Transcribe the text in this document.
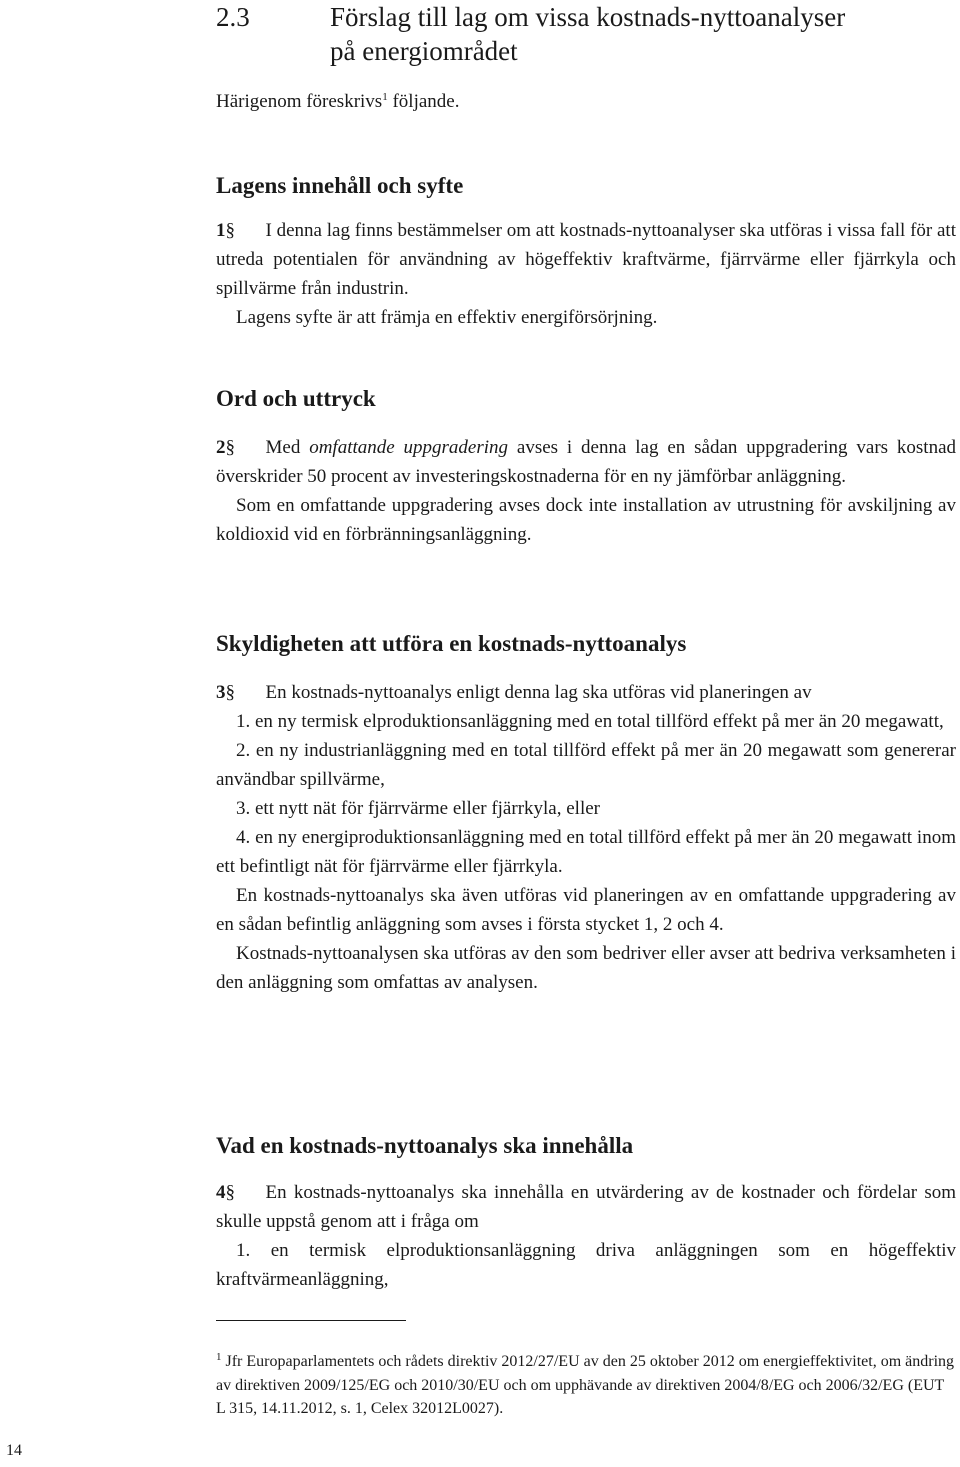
2.3	Förslag till lag om vissa kostnads-nyttoanalyser
på energiområdet
Härigenom föreskrivs$^1$ följande.
Lagens innehåll och syfte

1§ I denna lag finns bestämmelser om att kostnads-nyttoanalyser ska utföras i vissa fall för att utreda potentialen för användning av högeffektiv kraftvärme, fjärrvärme eller fjärrkyla och spillvärme från industrin.

Lagens syfte är att främja en effektiv energiförsörjning.

Ord och uttryck

2§ Med omfattande uppgradering avses i denna lag en sådan uppgradering vars kostnad överskrider 50 procent av investeringskostnaderna för en ny jämförbar anläggning.

Som en omfattande uppgradering avses dock inte installation av utrustning för avskiljning av koldioxid vid en förbränningsanläggning.

Skyldigheten att utföra en kostnads-nyttoanalys

3§ En kostnads-nyttoanalys enligt denna lag ska utföras vid planeringen av

1. en ny termisk elproduktionsanläggning med en total tillförd effekt på mer än 20 megawatt,

2. en ny industrianläggning med en total tillförd effekt på mer än 20 megawatt som genererar användbar spillvärme,

3. ett nytt nät för fjärrvärme eller fjärrkyla, eller

4. en ny energiproduktionsanläggning med en total tillförd effekt på mer än 20 megawatt inom ett befintligt nät för fjärrvärme eller fjärrkyla.

En kostnads-nyttoanalys ska även utföras vid planeringen av en omfattande uppgradering av en sådan befintlig anläggning som avses i första stycket 1, 2 och 4.

Kostnads-nyttoanalysen ska utföras av den som bedriver eller avser att bedriva verksamheten i den anläggning som omfattas av analysen.

Vad en kostnads-nyttoanalys ska innehålla

4§ En kostnads-nyttoanalys ska innehålla en utvärdering av de kostnader och fördelar som skulle uppstå genom att i fråga om

1. en termisk elproduktionsanläggning driva anläggningen som en högeffektiv kraftvärmeanläggning,

$^1$ Jfr Europaparlamentets och rådets direktiv 2012/27/EU av den 25 oktober 2012 om energieffektivitet, om ändring av direktiven 2009/125/EG och 2010/30/EU och om upphävande av direktiven 2004/8/EG och 2006/32/EG (EUT L 315, 14.11.2012, s. 1, Celex 32012L0027).
14
